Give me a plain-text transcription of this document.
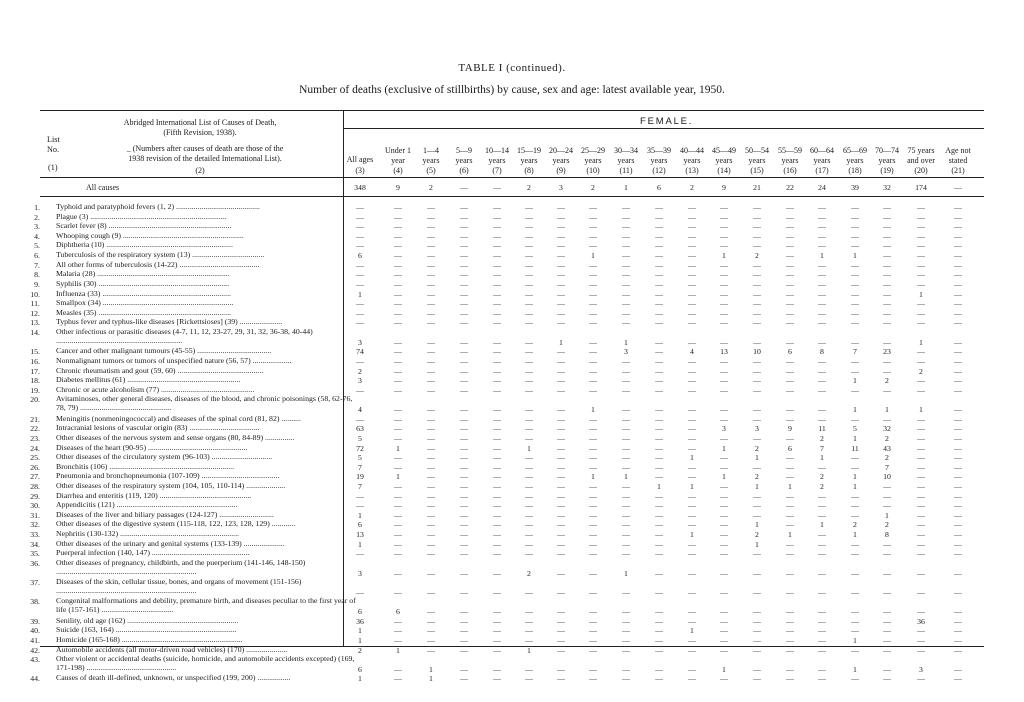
TABLE I (continued).
Number of deaths (exclusive of stillbirths) by cause, sex and age: latest available year, 1950.
List
No.
(1)
Abridged International List of Causes of Death,
(Fifth Revision, 1938).
_ (Numbers after causes of death are those of the
1938 revision of the detailed International List).
(2)
FEMALE.
All ages
(3)
Under 1
year
(4)
1—4
years
(5)
5—9
years
(6)
10—14
years
(7)
15—19
years
(8)
20—24
years
(9)
25—29
years
(10)
30—34
years
(11)
35—39
years
(12)
40—44
years
(13)
45—49
years
(14)
50—54
years
(15)
55—59
years
(16)
60—64
years
(17)
65—69
years
(18)
70—74
years
(19)
75 years
and over
(20)
Age not
stated
(21)
All causes	348	9	2	—	—	2	3	2	1	6	2	9	21	22	24	39	32	174	—
1. Typhoid and paratyphoid fevers (1, 2) ...........................................	—	—	—	—	—	—	—	—	—	—	—	—	—	—	—	—	—	—	—
2. Plague (3) ......................................................................	—	—	—	—	—	—	—	—	—	—	—	—	—	—	—	—	—	—	—
3. Scarlet fever (8) ...............................................................	—	—	—	—	—	—	—	—	—	—	—	—	—	—	—	—	—	—	—
4. Whooping cough (9) ..............................................................	—	—	—	—	—	—	—	—	—	—	—	—	—	—	—	—	—	—	—
5. Diphtheria (10) .................................................................	—	—	—	—	—	—	—	—	—	—	—	—	—	—	—	—	—	—	—
6. Tuberculosis of the respiratory system (13) .....................................	6	—	—	—	—	—	—	1	—	—	—	1	2	—	1	1	—	—	—
7. All other forms of tuberculosis (14-22) .........................................	—	—	—	—	—	—	—	—	—	—	—	—	—	—	—	—	—	—	—
8. Malaria (28) ....................................................................	—	—	—	—	—	—	—	—	—	—	—	—	—	—	—	—	—	—	—
9. Syphilis (30) ...................................................................	—	—	—	—	—	—	—	—	—	—	—	—	—	—	—	—	—	—	—
10. Influenza (33) ..................................................................	1	—	—	—	—	—	—	—	—	—	—	—	—	—	—	—	—	1	—
11. Smallpox (34) ...................................................................	—	—	—	—	—	—	—	—	—	—	—	—	—	—	—	—	—	—	—
12. Measles (35) ....................................................................	—	—	—	—	—	—	—	—	—	—	—	—	—	—	—	—	—	—	—
13. Typhus fever and typhus-like diseases [Rickettsioses] (39) ......................	—	—	—	—	—	—	—	—	—	—	—	—	—	—	—	—	—	—	—
14. Other infectious or parasitic diseases (4-7, 11, 12, 23-27, 29, 31, 32, 36-38, 40-44) .................................................................	3	—	—	—	—	—	1	—	1	—	—	—	—	—	—	—	—	1	—
15. Cancer and other malignant tumours (45-55) ......................................	74	—	—	—	—	—	—	—	3	—	4	13	10	6	8	7	23	—	—
16. Nonmalignant tumors or tumors of unspecified nature (56, 57) ....................	—	—	—	—	—	—	—	—	—	—	—	—	—	—	—	—	—	—	—
17. Chronic rheumatism and gout (59, 60) ............................................	2	—	—	—	—	—	—	—	—	—	—	—	—	—	—	—	—	2	—
18. Diabetes mellitus (61) ..........................................................	3	—	—	—	—	—	—	—	—	—	—	—	—	—	—	1	2	—	—
19. Chronic or acute alcoholism (77) ................................................	—	—	—	—	—	—	—	—	—	—	—	—	—	—	—	—	—	—	—
20. Avitaminoses, other general diseases, diseases of the blood, and chronic poisonings (58, 62-76, 78, 79) ...............................................	4	—	—	—	—	—	—	1	—	—	—	—	—	—	—	1	1	1	—
21. Meningitis (nonmeningococcal) and diseases of the spinal cord (81, 82) ..........	—	—	—	—	—	—	—	—	—	—	—	—	—	—	—	—	—	—	—
22. Intracranial lesions of vascular origin (83) ....................................	63	—	—	—	—	—	—	—	—	—	—	3	3	9	11	5	32	—	—
23. Other diseases of the nervous system and sense organs (80, 84-89) ...............	5	—	—	—	—	—	—	—	—	—	—	—	—	—	2	1	2	—	—
24. Diseases of the heart (90-95) ...................................................	72	1	—	—	—	1	—	—	—	—	—	1	2	6	7	11	43	—	—
25. Other diseases of the circulatory system (96-103) ...............................	5	—	—	—	—	—	—	—	—	—	1	—	1	—	1	—	2	—	—
26. Bronchitis (106) ................................................................	7	—	—	—	—	—	—	—	—	—	—	—	—	—	—	—	7	—	—
27. Pneumonia and bronchopneumonia (107-109) ........................................	19	1	—	—	—	—	—	1	1	—	—	1	2	—	2	1	10	—	—
28. Other diseases of the respiratory system (104, 105, 110-114) ....................	7	—	—	—	—	—	—	—	—	1	1	—	1	1	2	1	—	—	—
29. Diarrhea and enteritis (119, 120) ...............................................	—	—	—	—	—	—	—	—	—	—	—	—	—	—	—	—	—	—	—
30. Appendicitis (121) ..............................................................	—	—	—	—	—	—	—	—	—	—	—	—	—	—	—	—	—	—	—
31. Diseases of the liver and biliary passages (124-127) ............................	1	—	—	—	—	—	—	—	—	—	—	—	—	—	—	—	1	—	—
32. Other diseases of the digestive system (115-118, 122, 123, 128, 129) ............	6	—	—	—	—	—	—	—	—	—	—	—	1	—	1	2	2	—	—
33. Nephritis (130-132) .............................................................	13	—	—	—	—	—	—	—	—	—	1	—	2	1	—	1	8	—	—
34. Other diseases of the urinary and genital systems (133-139) .....................	1	—	—	—	—	—	—	—	—	—	—	—	1	—	—	—	—	—	—
35. Puerperal infection (140, 147) ..................................................	—	—	—	—	—	—	—	—	—	—	—	—	—	—	—	—	—	—	—
36. Other diseases of pregnancy, childbirth, and the puerperium (141-146, 148-150) ........................................................................	3	—	—	—	—	2	—	—	1	—	—	—	—	—	—	—	—	—	—
37. Diseases of the skin, cellular tissue, bones, and organs of movement (151-156) ........................................................................	—	—	—	—	—	—	—	—	—	—	—	—	—	—	—	—	—	—	—
38. Congenital malformations and debility, premature birth, and diseases peculiar to the first year of life (157-161) .....................................	6	6	—	—	—	—	—	—	—	—	—	—	—	—	—	—	—	—	—
39. Senility, old age (162) .........................................................	36	—	—	—	—	—	—	—	—	—	—	—	—	—	—	—	—	36	—
40. Suicide (163, 164) ..............................................................	1	—	—	—	—	—	—	—	—	—	1	—	—	—	—	—	—	—	—
41. Homicide (165-168) ..............................................................	1	—	—	—	—	—	—	—	—	—	—	—	—	—	—	1	—	—	—
42. Automobile accidents (all motor-driven road vehicles) (170) .....................	2	1	—	—	—	1	—	—	—	—	—	—	—	—	—	—	—	—	—
43. Other violent or accidental deaths (suicide, homicide, and automobile accidents excepted) (169, 171-198) ..............................................	6	—	1	—	—	—	—	—	—	—	—	1	—	—	—	1	—	3	—
44. Causes of death ill-defined, unknown, or unspecified (199, 200) .................	1	—	1	—	—	—	—	—	—	—	—	—	—	—	—	—	—	—	—
